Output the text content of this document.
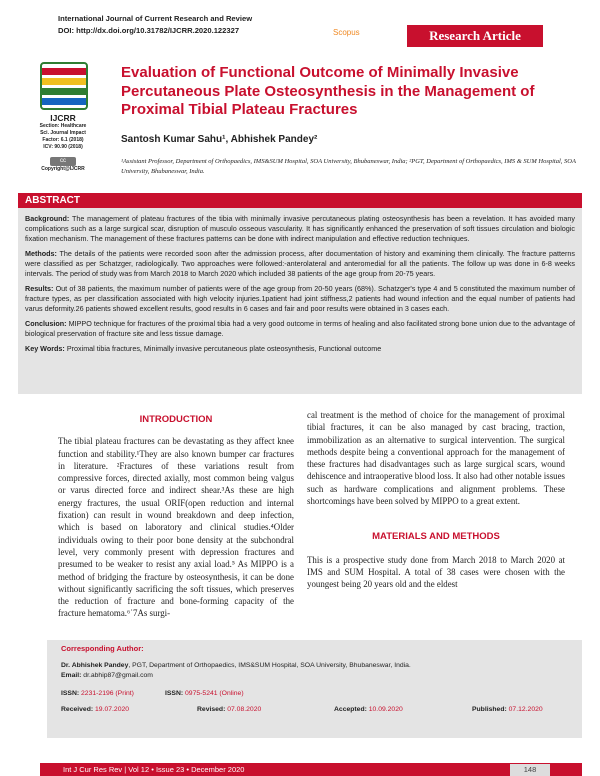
International Journal of Current Research and Review
DOI: http://dx.doi.org/10.31782/IJCRR.2020.122327	Scopus	Research Article
IJCRR
Section: Healthcare
Sci. Journal Impact
Factor: 6.1 (2018)
ICV: 90.90 (2018)
cc
Copyright@IJCRR
Evaluation of Functional Outcome of Minimally Invasive Percutaneous Plate Osteosynthesis in the Management of Proximal Tibial Plateau Fractures
Santosh Kumar Sahu¹, Abhishek Pandey²
¹Assistant Professor, Department of Orthopaedics, IMS&SUM Hospital, SOA University, Bhubaneswar, India; ²PGT, Department of Orthopaedics, IMS & SUM Hospital, SOA University, Bhubaneswar, India.
ABSTRACT

Background: The management of plateau fractures of the tibia with minimally invasive percutaneous plating osteosynthesis has been a revelation. It has avoided many complications such as a large surgical scar, disruption of musculo osseous vascularity. It has significantly enhanced the preservation of soft tissues circulation and biologic fixation mechanism. The management of these fractures patterns can be done with indirect manipulation and effective reduction techniques.

Methods: The details of the patients were recorded soon after the admission process, after documentation of history and examining them clinically. The fracture patterns were classified as per Schatzger, radiologically. Two approaches were followed:-anterolateral and anteromedial for all the patients. The follow up was done in 6-8 weeks intervals. The period of study was from March 2018 to March 2020 which included 38 patients of the age group from 20-75 years.

Results: Out of 38 patients, the maximum number of patients were of the age group from 20-50 years (68%). Schatzger's type 4 and 5 constituted the maximum number of fracture types, as per classification associated with high velocity injuries.1patient had joint stiffness,2 patients had wound infection and the equal number of patients had varus deformity.26 patients showed excellent results, good results in 6 cases and fair and poor results were obtained in 3 cases each.

Conclusion: MIPPO technique for fractures of the proximal tibia had a very good outcome in terms of healing and also facilitated strong bone union due to the advantage of biological preservation of fracture site and less tissue damage.

Key Words: Proximal tibia fractures, Minimally invasive percutaneous plate osteosynthesis, Functional outcome

INTRODUCTION

The tibial plateau fractures can be devastating as they affect knee function and stability.¹They are also known bumper car fractures in literature. ²Fractures of these variations result from compressive forces, directed axially, most common being valgus or varus directed force and indirect shear.³As these are high energy fractures, the usual ORIF(open reduction and internal fixation) can result in wound breakdown and deep infection, which is based on laboratory and clinical studies.⁴Older individuals owing to their poor bone density at the subchondral level, very commonly present with depression fractures and presumed to be weaker to resist any axial load.⁵ As MIPPO is a method of bridging the fracture by osteosynthesis, it can be done without significantly sacrificing the soft tissues, which preserves the reduction of fracture and bone-forming capacity of the fracture hematoma.⁶˙7As surgi-

cal treatment is the method of choice for the management of proximal tibial fractures, it can be also managed by cast bracing, traction, immobilization as an alternative to surgical intervention. The surgical methods despite being a conventional approach for the management of these fractures had disadvantages such as large surgical scars, wound dehiscence and intraoperative blood loss. It also had other notable issues such as hardware complications and alignment problems. These shortcomings have been solved by MIPPO to a great extent.

MATERIALS AND METHODS

This is a prospective study done from March 2018 to March 2020 at IMS and SUM Hospital. A total of 38 cases were chosen with the youngest being 20 years old and the eldest

Corresponding Author:
Dr. Abhishek Pandey, PGT, Department of Orthopaedics, IMS&SUM Hospital, SOA University, Bhubaneswar, India.
Email: dr.abhip87@gmail.com
ISSN: 2231-2196 (Print)	ISSN: 0975-5241 (Online)
Received: 19.07.2020	Revised: 07.08.2020	Accepted: 10.09.2020	Published: 07.12.2020
Int J Cur Res Rev | Vol 12 • Issue 23 • December 2020	148
